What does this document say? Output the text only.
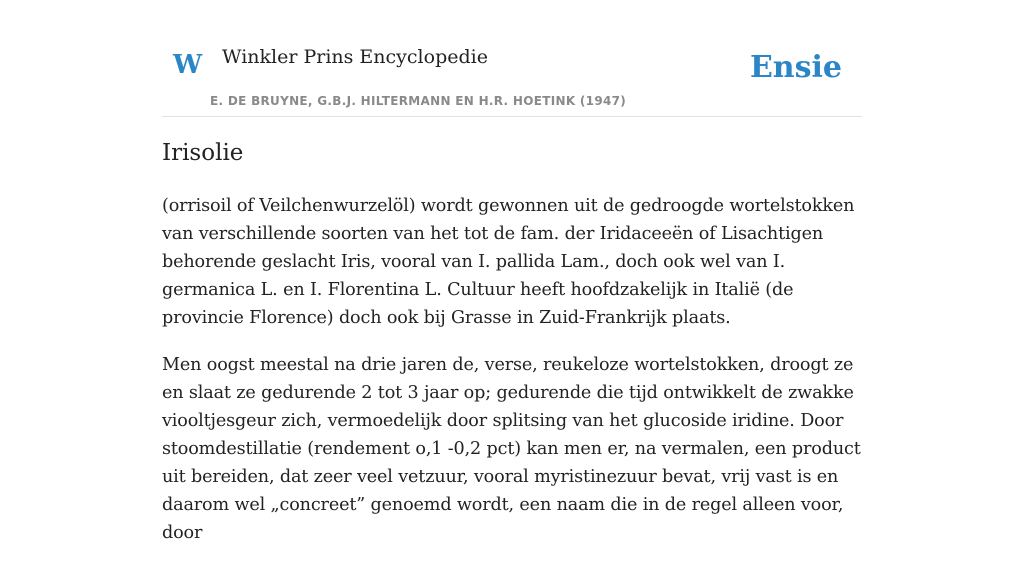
W Winkler Prins Encyclopedie
E. DE BRUYNE, G.B.J. HILTERMANN EN H.R. HOETINK (1947)
Ensie
Irisolie

(orrisoil of Veilchenwurzelöl) wordt gewonnen uit de gedroogde wortelstokken van verschillende soorten van het tot de fam. der Iridaceeën of Lisachtigen behorende geslacht Iris, vooral van I. pallida Lam., doch ook wel van I. germanica L. en I. Florentina L. Cultuur heeft hoofdzakelijk in Italië (de provincie Florence) doch ook bij Grasse in Zuid-Frankrijk plaats.

Men oogst meestal na drie jaren de, verse, reukeloze wortelstokken, droogt ze en slaat ze gedurende 2 tot 3 jaar op; gedurende die tijd ontwikkelt de zwakke viooltjesgeur zich, vermoedelijk door splitsing van het glucoside iridine. Door stoomdestillatie (rendement o,1 -0,2 pct) kan men er, na vermalen, een product uit bereiden, dat zeer veel vetzuur, vooral myristinezuur bevat, vrij vast is en daarom wel „concreet” genoemd wordt, een naam die in de regel alleen voor, door
